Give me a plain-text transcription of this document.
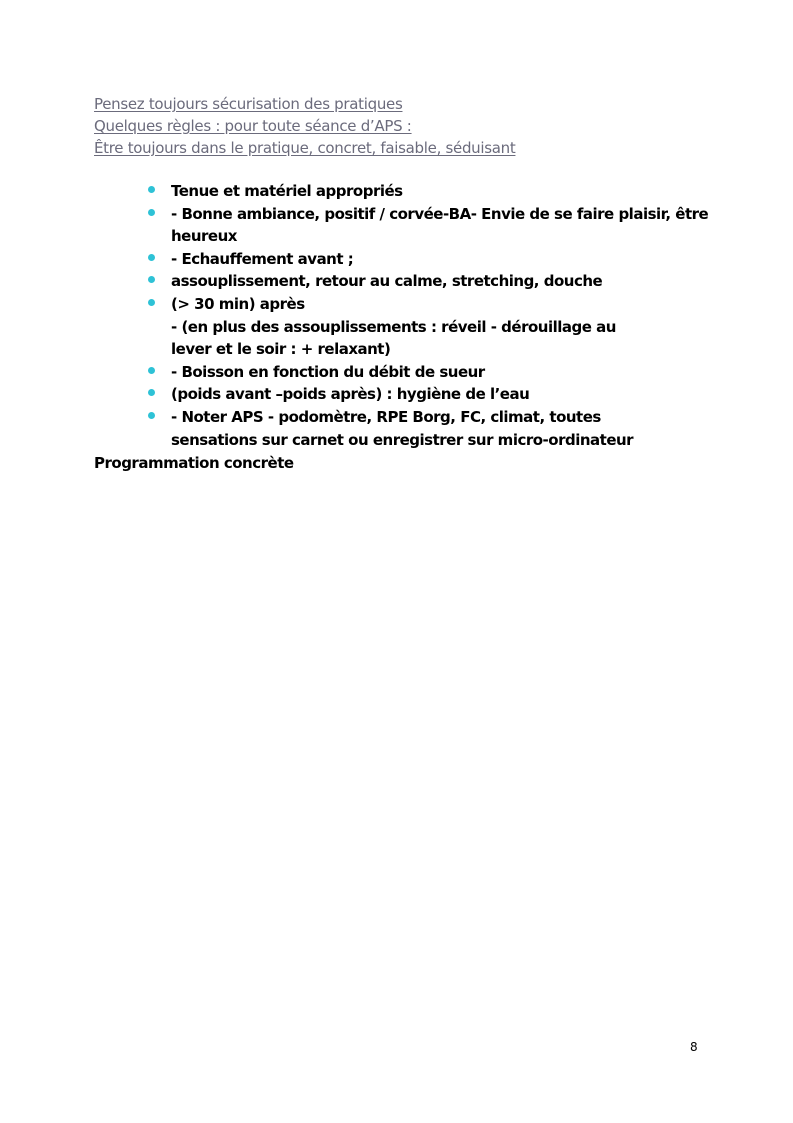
Pensez toujours sécurisation des pratiques
Quelques règles : pour toute séance d’APS :
Être toujours dans le pratique, concret, faisable, séduisant
Tenue et matériel appropriés
- Bonne ambiance, positif / corvée-BA- Envie de se faire plaisir, être
heureux
- Echauffement avant ;
assouplissement, retour au calme, stretching, douche
(> 30 min) après
- (en plus des assouplissements : réveil - dérouillage au
lever et le soir : + relaxant)
- Boisson en fonction du débit de sueur
(poids avant –poids après) : hygiène de l’eau
- Noter APS - podomètre, RPE Borg, FC, climat, toutes
sensations sur carnet ou enregistrer sur micro-ordinateur
Programmation concrète
8
